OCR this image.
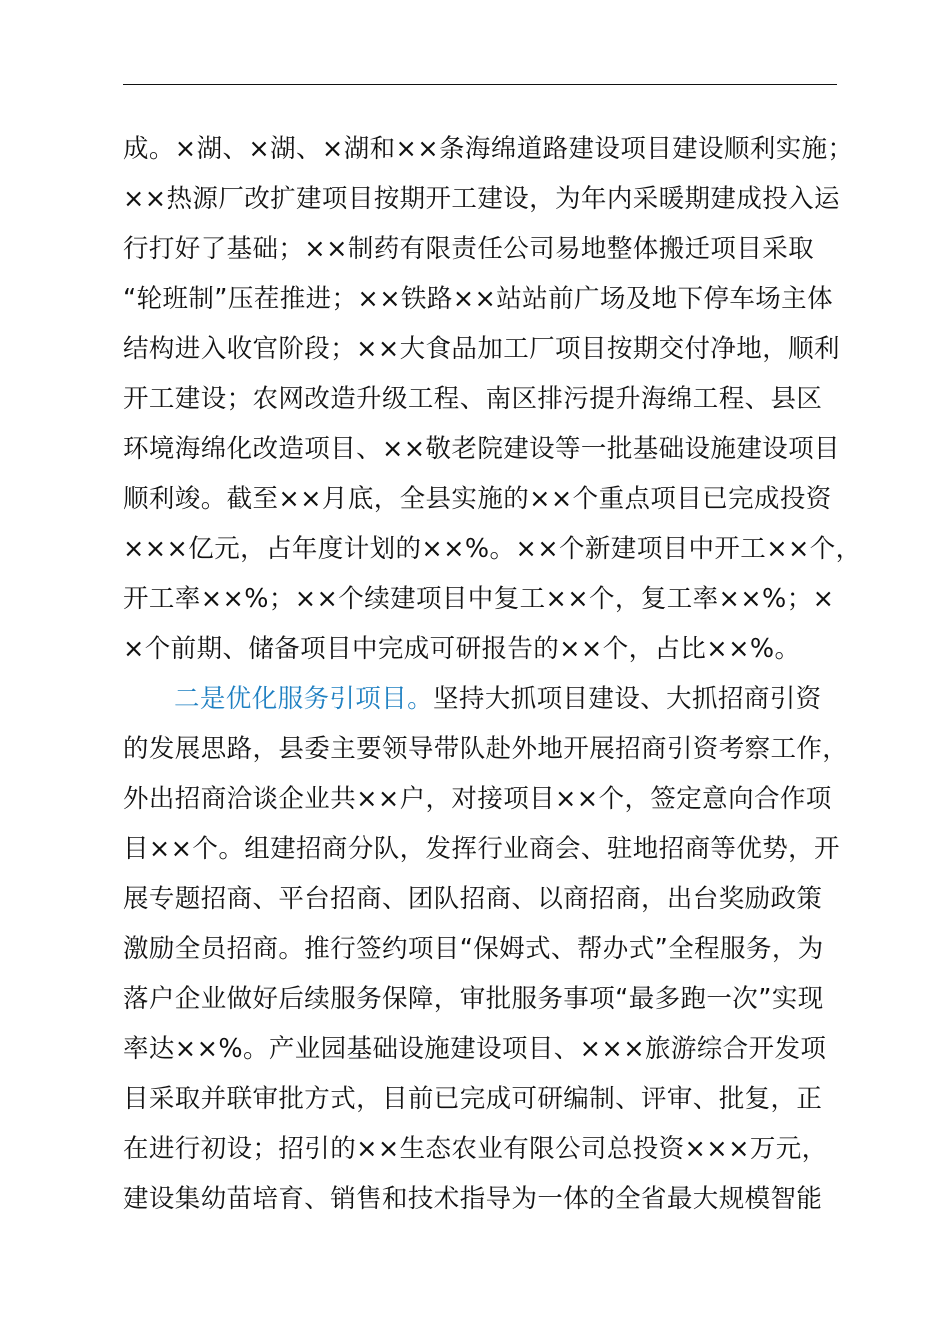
成。×湖、×湖、×湖和××条海绵道路建设项目建设顺利实施；
××热源厂改扩建项目按期开工建设，为年内采暖期建成投入运
行打好了基础；××制药有限责任公司易地整体搬迁项目采取
“轮班制”压茬推进；××铁路××站站前广场及地下停车场主体
结构进入收官阶段；××大食品加工厂项目按期交付净地，顺利
开工建设；农网改造升级工程、南区排污提升海绵工程、县区
环境海绵化改造项目、××敬老院建设等一批基础设施建设项目
顺利竣。截至××月底，全县实施的××个重点项目已完成投资
×××亿元，占年度计划的××%。××个新建项目中开工××个，
开工率××%；××个续建项目中复工××个，复工率××%；×
×个前期、储备项目中完成可研报告的××个，占比××%。
二是优化服务引项目。坚持大抓项目建设、大抓招商引资
的发展思路，县委主要领导带队赴外地开展招商引资考察工作，
外出招商洽谈企业共××户，对接项目××个，签定意向合作项
目××个。组建招商分队，发挥行业商会、驻地招商等优势，开
展专题招商、平台招商、团队招商、以商招商，出台奖励政策
激励全员招商。推行签约项目“保姆式、帮办式”全程服务，为
落户企业做好后续服务保障，审批服务事项“最多跑一次”实现
率达××%。产业园基础设施建设项目、×××旅游综合开发项
目采取并联审批方式，目前已完成可研编制、评审、批复，正
在进行初设；招引的××生态农业有限公司总投资×××万元，
建设集幼苗培育、销售和技术指导为一体的全省最大规模智能
